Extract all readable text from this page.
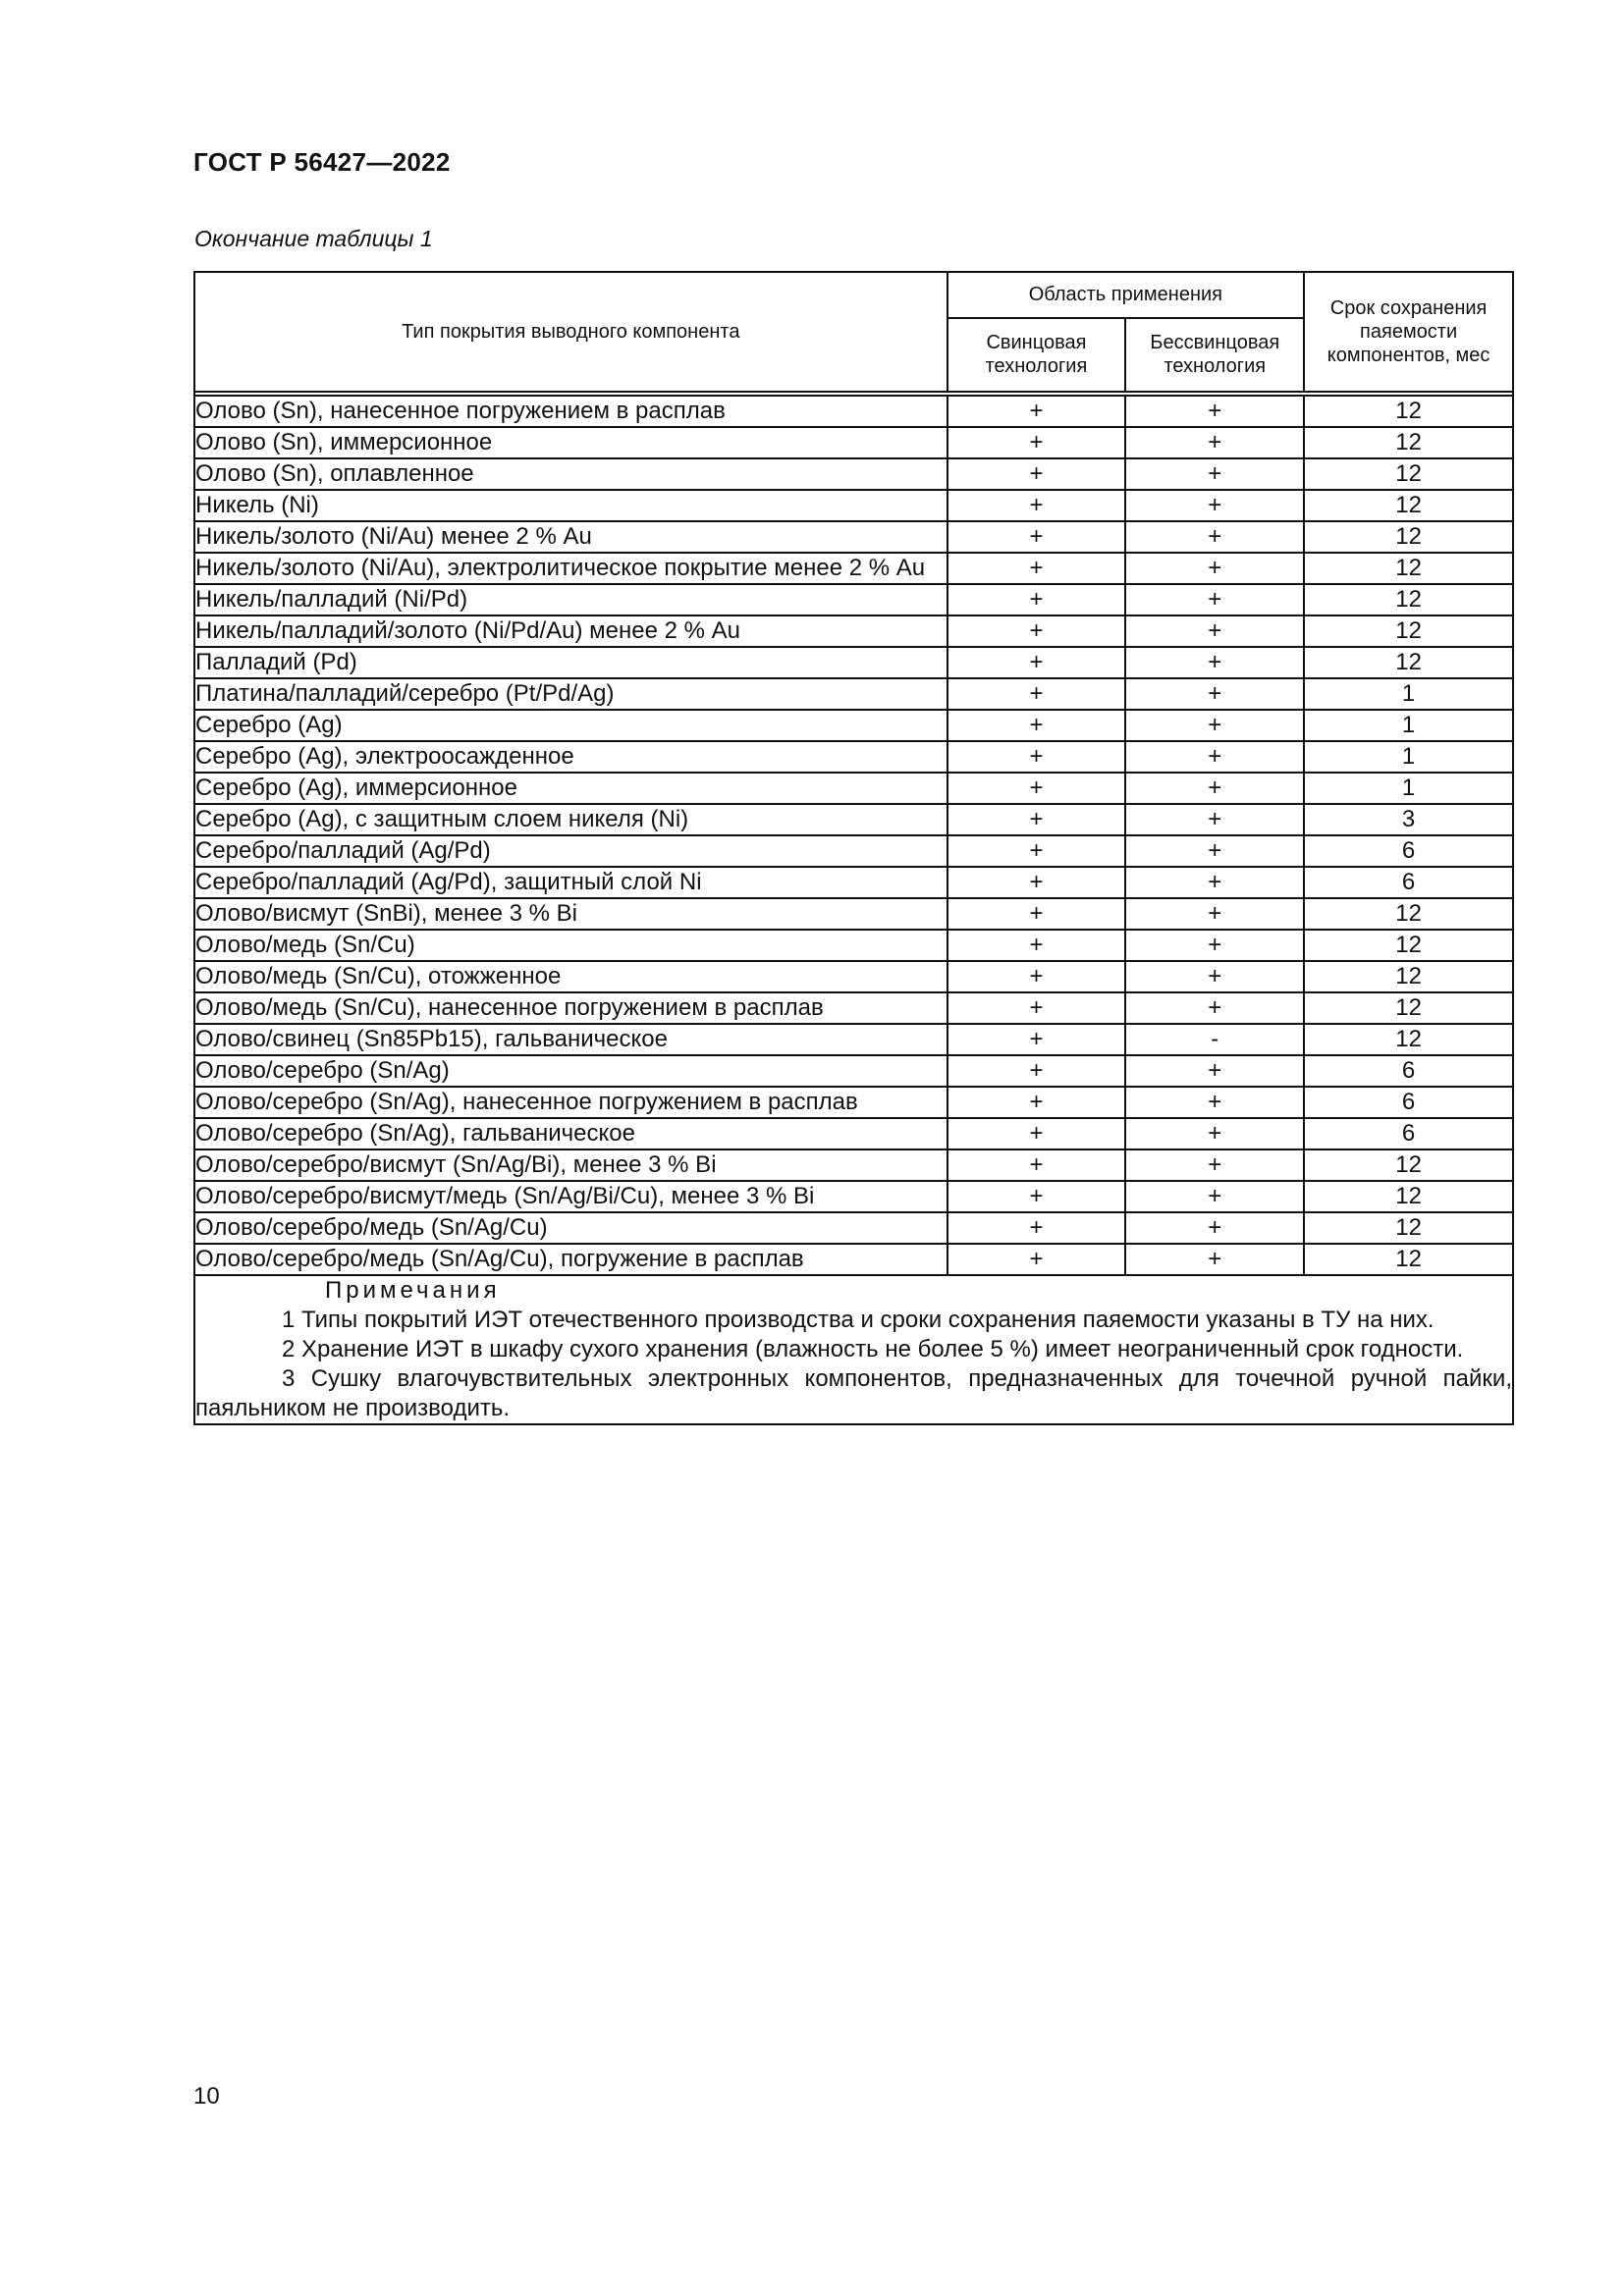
ГОСТ Р 56427—2022
Окончание таблицы 1
Тип покрытия выводного компонента	Область применения		Срок сохранения паяемости компонентов, мес
	Свинцовая технология	Бессвинцовая технология	

Олово (Sn), нанесенное погружением в расплав	+	+	12
Олово (Sn), иммерсионное	+	+	12
Олово (Sn), оплавленное	+	+	12
Никель (Ni)	+	+	12
Никель/золото (Ni/Au) менее 2 % Au	+	+	12
Никель/золото (Ni/Au), электролитическое покрытие менее 2 % Au	+	+	12
Никель/палладий (Ni/Pd)	+	+	12
Никель/палладий/золото (Ni/Pd/Au) менее 2 % Au	+	+	12
Палладий (Pd)	+	+	12
Платина/палладий/серебро (Pt/Pd/Ag)	+	+	1
Серебро (Ag)	+	+	1
Серебро (Ag), электроосажденное	+	+	1
Серебро (Ag), иммерсионное	+	+	1
Серебро (Ag), с защитным слоем никеля (Ni)	+	+	3
Серебро/палладий (Ag/Pd)	+	+	6
Серебро/палладий (Ag/Pd), защитный слой Ni	+	+	6
Олово/висмут (SnBi), менее 3 % Bi	+	+	12
Олово/медь (Sn/Cu)	+	+	12
Олово/медь (Sn/Cu), отожженное	+	+	12
Олово/медь (Sn/Cu), нанесенное погружением в расплав	+	+	12
Олово/свинец (Sn85Pb15), гальваническое	+	-	12
Олово/серебро (Sn/Ag)	+	+	6
Олово/серебро (Sn/Ag), нанесенное погружением в расплав	+	+	6
Олово/серебро (Sn/Ag), гальваническое	+	+	6
Олово/серебро/висмут (Sn/Ag/Bi), менее 3 % Bi	+	+	12
Олово/серебро/висмут/медь (Sn/Ag/Bi/Cu), менее 3 % Bi	+	+	12
Олово/серебро/медь (Sn/Ag/Cu)	+	+	12
Олово/серебро/медь (Sn/Ag/Cu), погружение в расплав	+	+	12

Примечания
1 Типы покрытий ИЭТ отечественного производства и сроки сохранения паяемости указаны в ТУ на них.
2 Хранение ИЭТ в шкафу сухого хранения (влажность не более 5 %) имеет неограниченный срок годности.
3 Сушку влагочувствительных электронных компонентов, предназначенных для точечной ручной пайки, паяльником не производить.			
10
